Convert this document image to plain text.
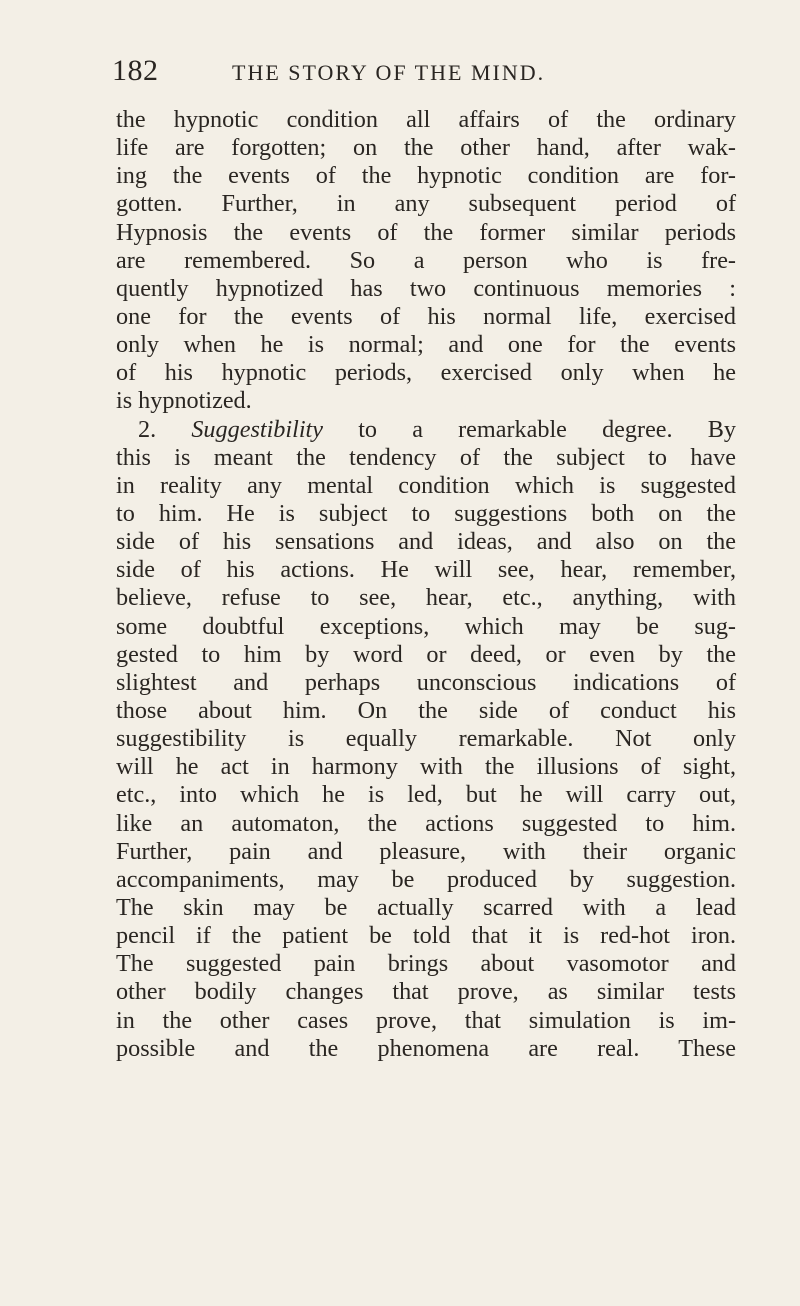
182	THE STORY OF THE MIND.
the hypnotic condition all affairs of the ordinary
life are forgotten; on the other hand, after wak-
ing the events of the hypnotic condition are for-
gotten. Further, in any subsequent period of
Hypnosis the events of the former similar periods
are remembered. So a person who is fre-
quently hypnotized has two continuous memories :
one for the events of his normal life, exercised
only when he is normal; and one for the events
of his hypnotic periods, exercised only when he
is hypnotized.
2. Suggestibility to a remarkable degree. By
this is meant the tendency of the subject to have
in reality any mental condition which is suggested
to him. He is subject to suggestions both on the
side of his sensations and ideas, and also on the
side of his actions. He will see, hear, remember,
believe, refuse to see, hear, etc., anything, with
some doubtful exceptions, which may be sug-
gested to him by word or deed, or even by the
slightest and perhaps unconscious indications of
those about him. On the side of conduct his
suggestibility is equally remarkable. Not only
will he act in harmony with the illusions of sight,
etc., into which he is led, but he will carry out,
like an automaton, the actions suggested to him.
Further, pain and pleasure, with their organic
accompaniments, may be produced by suggestion.
The skin may be actually scarred with a lead
pencil if the patient be told that it is red-hot iron.
The suggested pain brings about vasomotor and
other bodily changes that prove, as similar tests
in the other cases prove, that simulation is im-
possible and the phenomena are real. These
